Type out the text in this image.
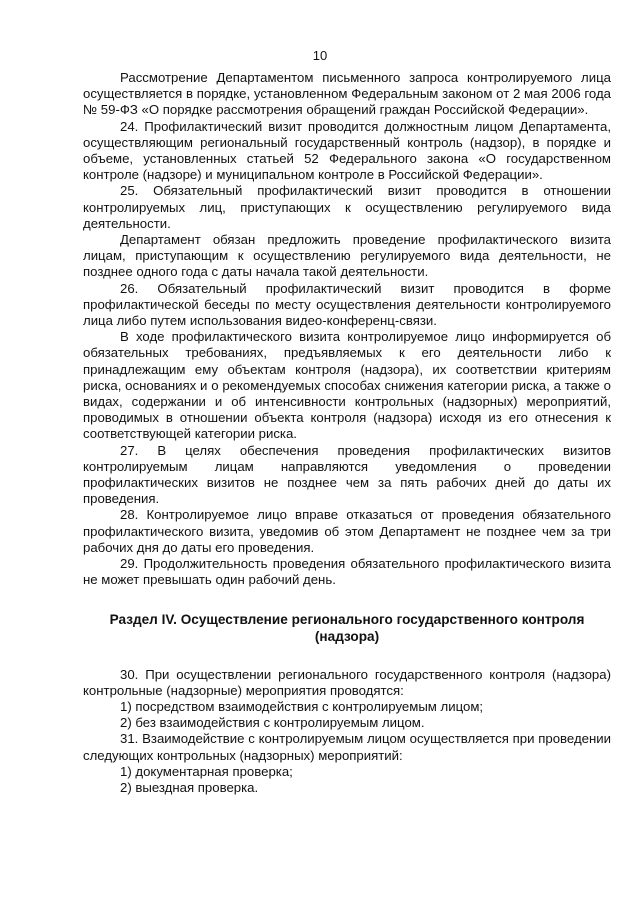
10

Рассмотрение Департаментом письменного запроса контролируемого лица осуществляется в порядке, установленном Федеральным законом от 2 мая 2006 года № 59-ФЗ «О порядке рассмотрения обращений граждан Российской Федерации».

24. Профилактический визит проводится должностным лицом Департамента, осуществляющим региональный государственный контроль (надзор), в порядке и объеме, установленных статьей 52 Федерального закона «О государственном контроле (надзоре) и муниципальном контроле в Российской Федерации».

25. Обязательный профилактический визит проводится в отношении контролируемых лиц, приступающих к осуществлению регулируемого вида деятельности.

Департамент обязан предложить проведение профилактического визита лицам, приступающим к осуществлению регулируемого вида деятельности, не позднее одного года с даты начала такой деятельности.

26. Обязательный профилактический визит проводится в форме профилактической беседы по месту осуществления деятельности контролируемого лица либо путем использования видео-конференц-связи.

В ходе профилактического визита контролируемое лицо информируется об обязательных требованиях, предъявляемых к его деятельности либо к принадлежащим ему объектам контроля (надзора), их соответствии критериям риска, основаниях и о рекомендуемых способах снижения категории риска, а также о видах, содержании и об интенсивности контрольных (надзорных) мероприятий, проводимых в отношении объекта контроля (надзора) исходя из его отнесения к соответствующей категории риска.

27. В целях обеспечения проведения профилактических визитов контролируемым лицам направляются уведомления о проведении профилактических визитов не позднее чем за пять рабочих дней до даты их проведения.

28. Контролируемое лицо вправе отказаться от проведения обязательного профилактического визита, уведомив об этом Департамент не позднее чем за три рабочих дня до даты его проведения.

29. Продолжительность проведения обязательного профилактического визита не может превышать один рабочий день.

Раздел IV. Осуществление регионального государственного контроля (надзора)

30. При осуществлении регионального государственного контроля (надзора) контрольные (надзорные) мероприятия проводятся:

1) посредством взаимодействия с контролируемым лицом;

2) без взаимодействия с контролируемым лицом.

31. Взаимодействие с контролируемым лицом осуществляется при проведении следующих контрольных (надзорных) мероприятий:

1) документарная проверка;

2) выездная проверка.
